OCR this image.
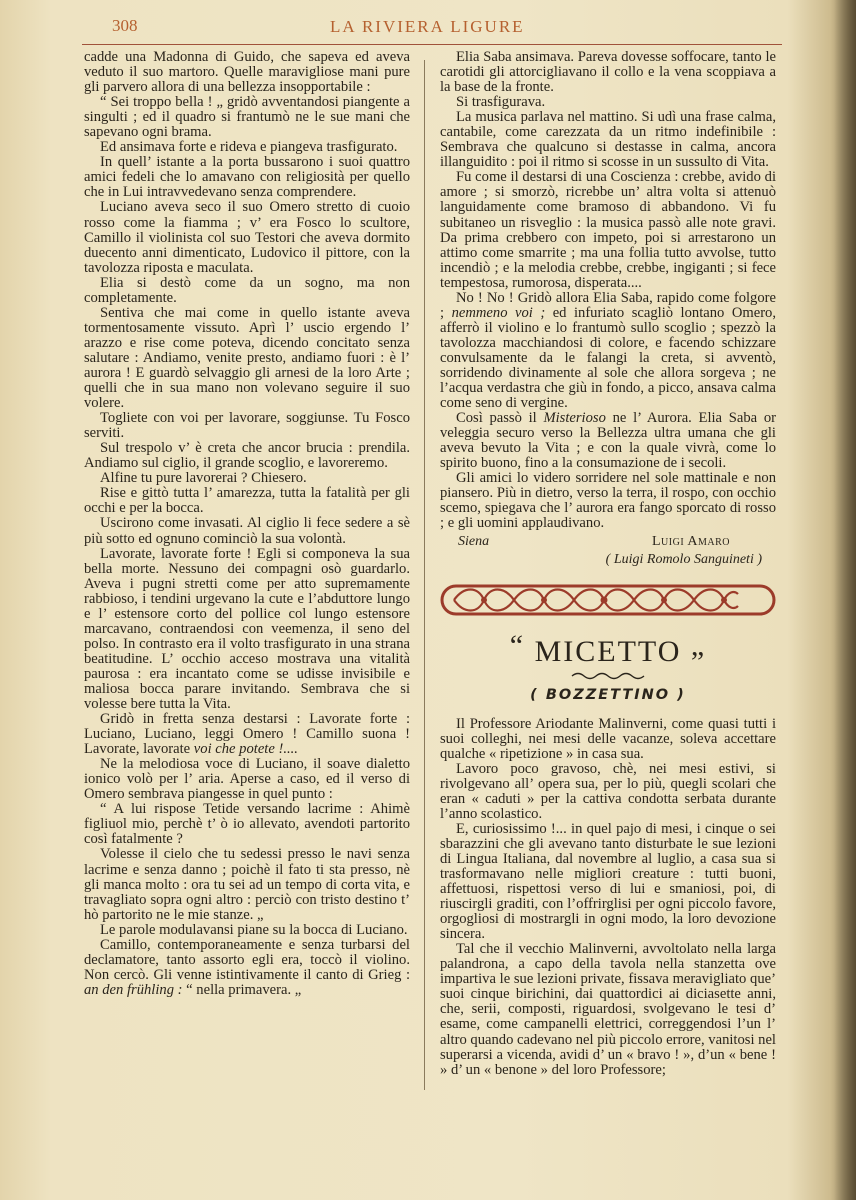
308	LA RIVIERA LIGURE

cadde una Madonna di Guido, che sapeva ed aveva veduto il suo martoro. Quelle maravigliose mani pure gli parvero allora di una bellezza insopportabile :

“ Sei troppo bella ! „ gridò avventandosi piangente a singulti ; ed il quadro si frantumò ne le sue mani che sapevano ogni brama.

Ed ansimava forte e rideva e piangeva trasfigurato.

In quell’ istante a la porta bussarono i suoi quattro amici fedeli che lo amavano con religiosità per quello che in Lui intravvedevano senza comprendere.

Luciano aveva seco il suo Omero stretto di cuoio rosso come la fiamma ; v’ era Fosco lo scultore, Camillo il violinista col suo Testori che aveva dormito duecento anni dimenticato, Ludovico il pittore, con la tavolozza riposta e maculata.

Elia si destò come da un sogno, ma non completamente.

Sentiva che mai come in quello istante aveva tormentosamente vissuto. Aprì l’ uscio ergendo l’ arazzo e rise come poteva, dicendo concitato senza salutare : Andiamo, venite presto, andiamo fuori : è l’ aurora ! E guardò selvaggio gli arnesi de la loro Arte ; quelli che in sua mano non volevano seguire il suo volere.

Togliete con voi per lavorare, soggiunse. Tu Fosco serviti.

Sul trespolo v’ è creta che ancor brucia : prendila. Andiamo sul ciglio, il grande scoglio, e lavoreremo.

Alfine tu pure lavorerai ? Chiesero.

Rise e gittò tutta l’ amarezza, tutta la fatalità per gli occhi e per la bocca.

Uscirono come invasati. Al ciglio li fece sedere a sè più sotto ed ognuno cominciò la sua volontà.

Lavorate, lavorate forte ! Egli si componeva la sua bella morte. Nessuno dei compagni osò guardarlo. Aveva i pugni stretti come per atto supremamente rabbioso, i tendini urgevano la cute e l’abduttore lungo e l’ estensore corto del pollice col lungo estensore marcavano, contraendosi con veemenza, il seno del polso. In contrasto era il volto trasfigurato in una strana beatitudine. L’ occhio acceso mostrava una vitalità paurosa : era incantato come se udisse invisibile e maliosa bocca parare invitando. Sembrava che si volesse bere tutta la Vita.

Gridò in fretta senza destarsi : Lavorate forte : Luciano, Luciano, leggi Omero ! Camillo suona ! Lavorate, lavorate voi che potete !....

Ne la melodiosa voce di Luciano, il soave dialetto ionico volò per l’ aria. Aperse a caso, ed il verso di Omero sembrava piangesse in quel punto :

“ A lui rispose Tetide versando lacrime : Ahimè figliuol mio, perchè t’ ò io allevato, avendoti partorito così fatalmente ?

Volesse il cielo che tu sedessi presso le navi senza lacrime e senza danno ; poichè il fato ti sta presso, nè gli manca molto : ora tu sei ad un tempo di corta vita, e travagliato sopra ogni altro : perciò con tristo destino t’ hò partorito ne le mie stanze. „

Le parole modulavansi piane su la bocca di Luciano.

Camillo, contemporaneamente e senza turbarsi del declamatore, tanto assorto egli era, toccò il violino. Non cercò. Gli venne istintivamente il canto di Grieg : an den frühling : “ nella primavera. „

Elia Saba ansimava. Pareva dovesse soffocare, tanto le carotidi gli attorcigliavano il collo e la vena scoppiava a la base de la fronte.

Si trasfigurava.

La musica parlava nel mattino. Si udì una frase calma, cantabile, come carezzata da un ritmo indefinibile : Sembrava che qualcuno si destasse in calma, ancora illanguidito : poi il ritmo si scosse in un sussulto di Vita.

Fu come il destarsi di una Coscienza : crebbe, avido di amore ; si smorzò, ricrebbe un’ altra volta si attenuò languidamente come bramoso di abbandono. Vi fu subitaneo un risveglio : la musica passò alle note gravi. Da prima crebbero con impeto, poi si arrestarono un attimo come smarrite ; ma una follia tutto avvolse, tutto incendiò ; e la melodia crebbe, crebbe, ingiganti ; si fece tempestosa, rumorosa, disperata....

No ! No ! Gridò allora Elia Saba, rapido come folgore ; nemmeno voi ; ed infuriato scagliò lontano Omero, afferrò il violino e lo frantumò sullo scoglio ; spezzò la tavolozza macchiandosi di colore, e facendo schizzare convulsamente da le falangi la creta, si avventò, sorridendo divinamente al sole che allora sorgeva ; ne l’acqua verdastra che giù in fondo, a picco, ansava calma come seno di vergine.

Così passò il Misterioso ne l’ Aurora. Elia Saba or veleggia securo verso la Bellezza ultra umana che gli aveva bevuto la Vita ; e con la quale vivrà, come lo spirito buono, fino a la consumazione de i secoli.

Gli amici lo videro sorridere nel sole mattinale e non piansero. Più in dietro, verso la terra, il rospo, con occhio scemo, spiegava che l’ aurora era fango sporcato di rosso ; e gli uomini applaudivano.

Siena	Luigi Amaro
( Luigi Romolo Sanguineti )
“ MICETTO „
( BOZZETTINO )

Il Professore Ariodante Malinverni, come quasi tutti i suoi colleghi, nei mesi delle vacanze, soleva accettare qualche « ripetizione » in casa sua.

Lavoro poco gravoso, chè, nei mesi estivi, si rivolgevano all’ opera sua, per lo più, quegli scolari che eran « caduti » per la cattiva condotta serbata durante l’anno scolastico.

E, curiosissimo !... in quel pajo di mesi, i cinque o sei sbarazzini che gli avevano tanto disturbate le sue lezioni di Lingua Italiana, dal novembre al luglio, a casa sua si trasformavano nelle migliori creature : tutti buoni, affettuosi, rispettosi verso di lui e smaniosi, poi, di riuscirgli graditi, con l’offrirglisi per ogni piccolo favore, orgogliosi di mostrargli in ogni modo, la loro devozione sincera.

Tal che il vecchio Malinverni, avvoltolato nella larga palandrona, a capo della tavola nella stanzetta ove impartiva le sue lezioni private, fissava meravigliato que’ suoi cinque birichini, dai quattordici ai diciasette anni, che, serii, composti, riguardosi, svolgevano le tesi d’ esame, come campanelli elettrici, correggendosi l’un l’ altro quando cadevano nel più piccolo errore, vanitosi nel superarsi a vicenda, avidi d’ un « bravo ! », d’un « bene ! » d’ un « benone » del loro Professore;
